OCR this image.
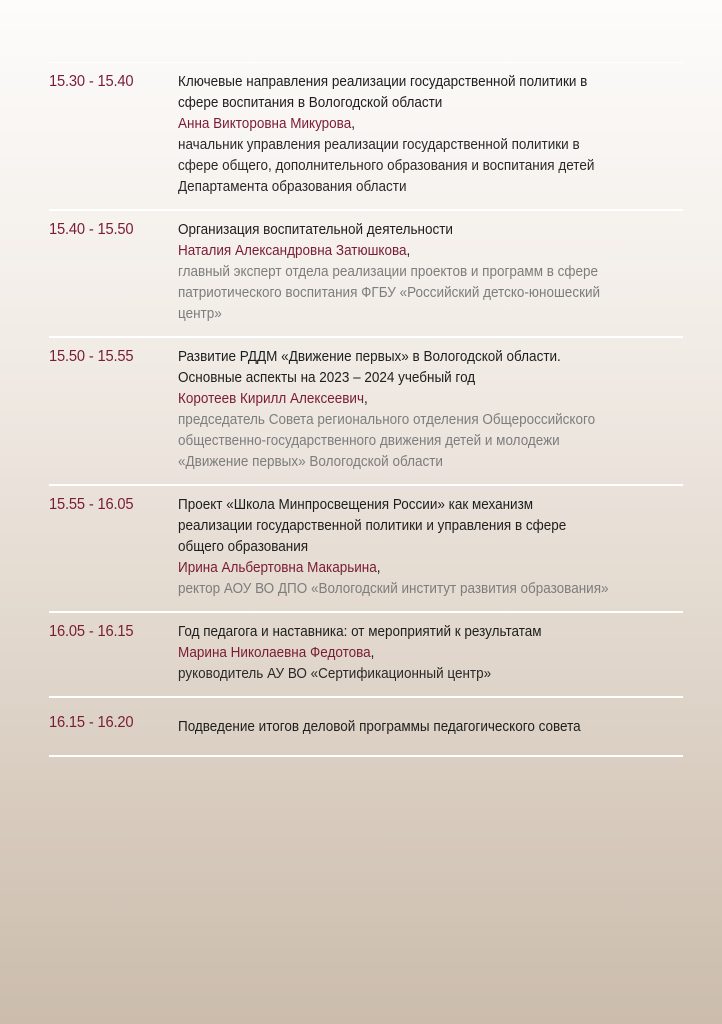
15.30 - 15.40	Ключевые направления реализации государственной политики в
сфере воспитания в Вологодской области
Анна Викторовна Микурова,
начальник управления реализации государственной политики в
сфере общего, дополнительного образования и воспитания детей
Департамента образования области
15.40 - 15.50	Организация воспитательной деятельности
Наталия Александровна Затюшкова,
главный эксперт отдела реализации проектов и программ в сфере
патриотического воспитания ФГБУ «Российский детско-юношеский
центр»
15.50 - 15.55	Развитие РДДМ «Движение первых» в Вологодской области.
Основные аспекты на 2023 – 2024 учебный год
Коротеев Кирилл Алексеевич,
председатель Совета регионального отделения Общероссийского
общественно-государственного движения детей и молодежи
«Движение первых» Вологодской области
15.55 - 16.05	Проект «Школа Минпросвещения России» как механизм
реализации государственной политики и управления в сфере
общего образования
Ирина Альбертовна Макарьина,
ректор АОУ ВО ДПО «Вологодский институт развития образования»
16.05 - 16.15	Год педагога и наставника: от мероприятий к результатам
Марина Николаевна Федотова,
руководитель АУ ВО «Сертификационный центр»
16.15 - 16.20	Подведение итогов деловой программы педагогического совета
